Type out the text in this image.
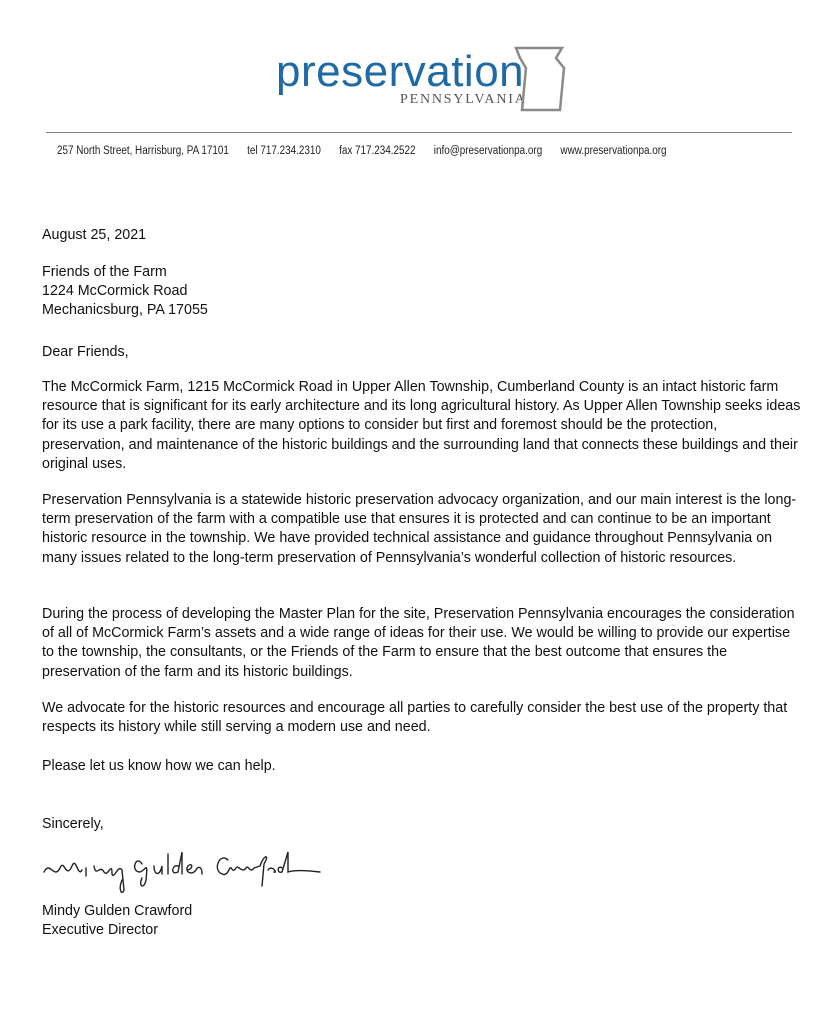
preservation
PENNSYLVANIA
257 North Street, Harrisburg, PA 17101 tel 717.234.2310 fax 717.234.2522 info@preservationpa.org www.preservationpa.org
August 25, 2021
Friends of the Farm
1224 McCormick Road
Mechanicsburg, PA 17055
Dear Friends,
The McCormick Farm, 1215 McCormick Road in Upper Allen Township, Cumberland County is an intact historic farm resource that is significant for its early architecture and its long agricultural history. As Upper Allen Township seeks ideas for its use a park facility, there are many options to consider but first and foremost should be the protection, preservation, and maintenance of the historic buildings and the surrounding land that connects these buildings and their original uses.
Preservation Pennsylvania is a statewide historic preservation advocacy organization, and our main interest is the long-term preservation of the farm with a compatible use that ensures it is protected and can continue to be an important historic resource in the township. We have provided technical assistance and guidance throughout Pennsylvania on many issues related to the long-term preservation of Pennsylvania’s wonderful collection of historic resources.
During the process of developing the Master Plan for the site, Preservation Pennsylvania encourages the consideration of all of McCormick Farm’s assets and a wide range of ideas for their use. We would be willing to provide our expertise to the township, the consultants, or the Friends of the Farm to ensure that the best outcome that ensures the preservation of the farm and its historic buildings.
We advocate for the historic resources and encourage all parties to carefully consider the best use of the property that respects its history while still serving a modern use and need.
Please let us know how we can help.
Sincerely,
Mindy Gulden Crawford
Executive Director
